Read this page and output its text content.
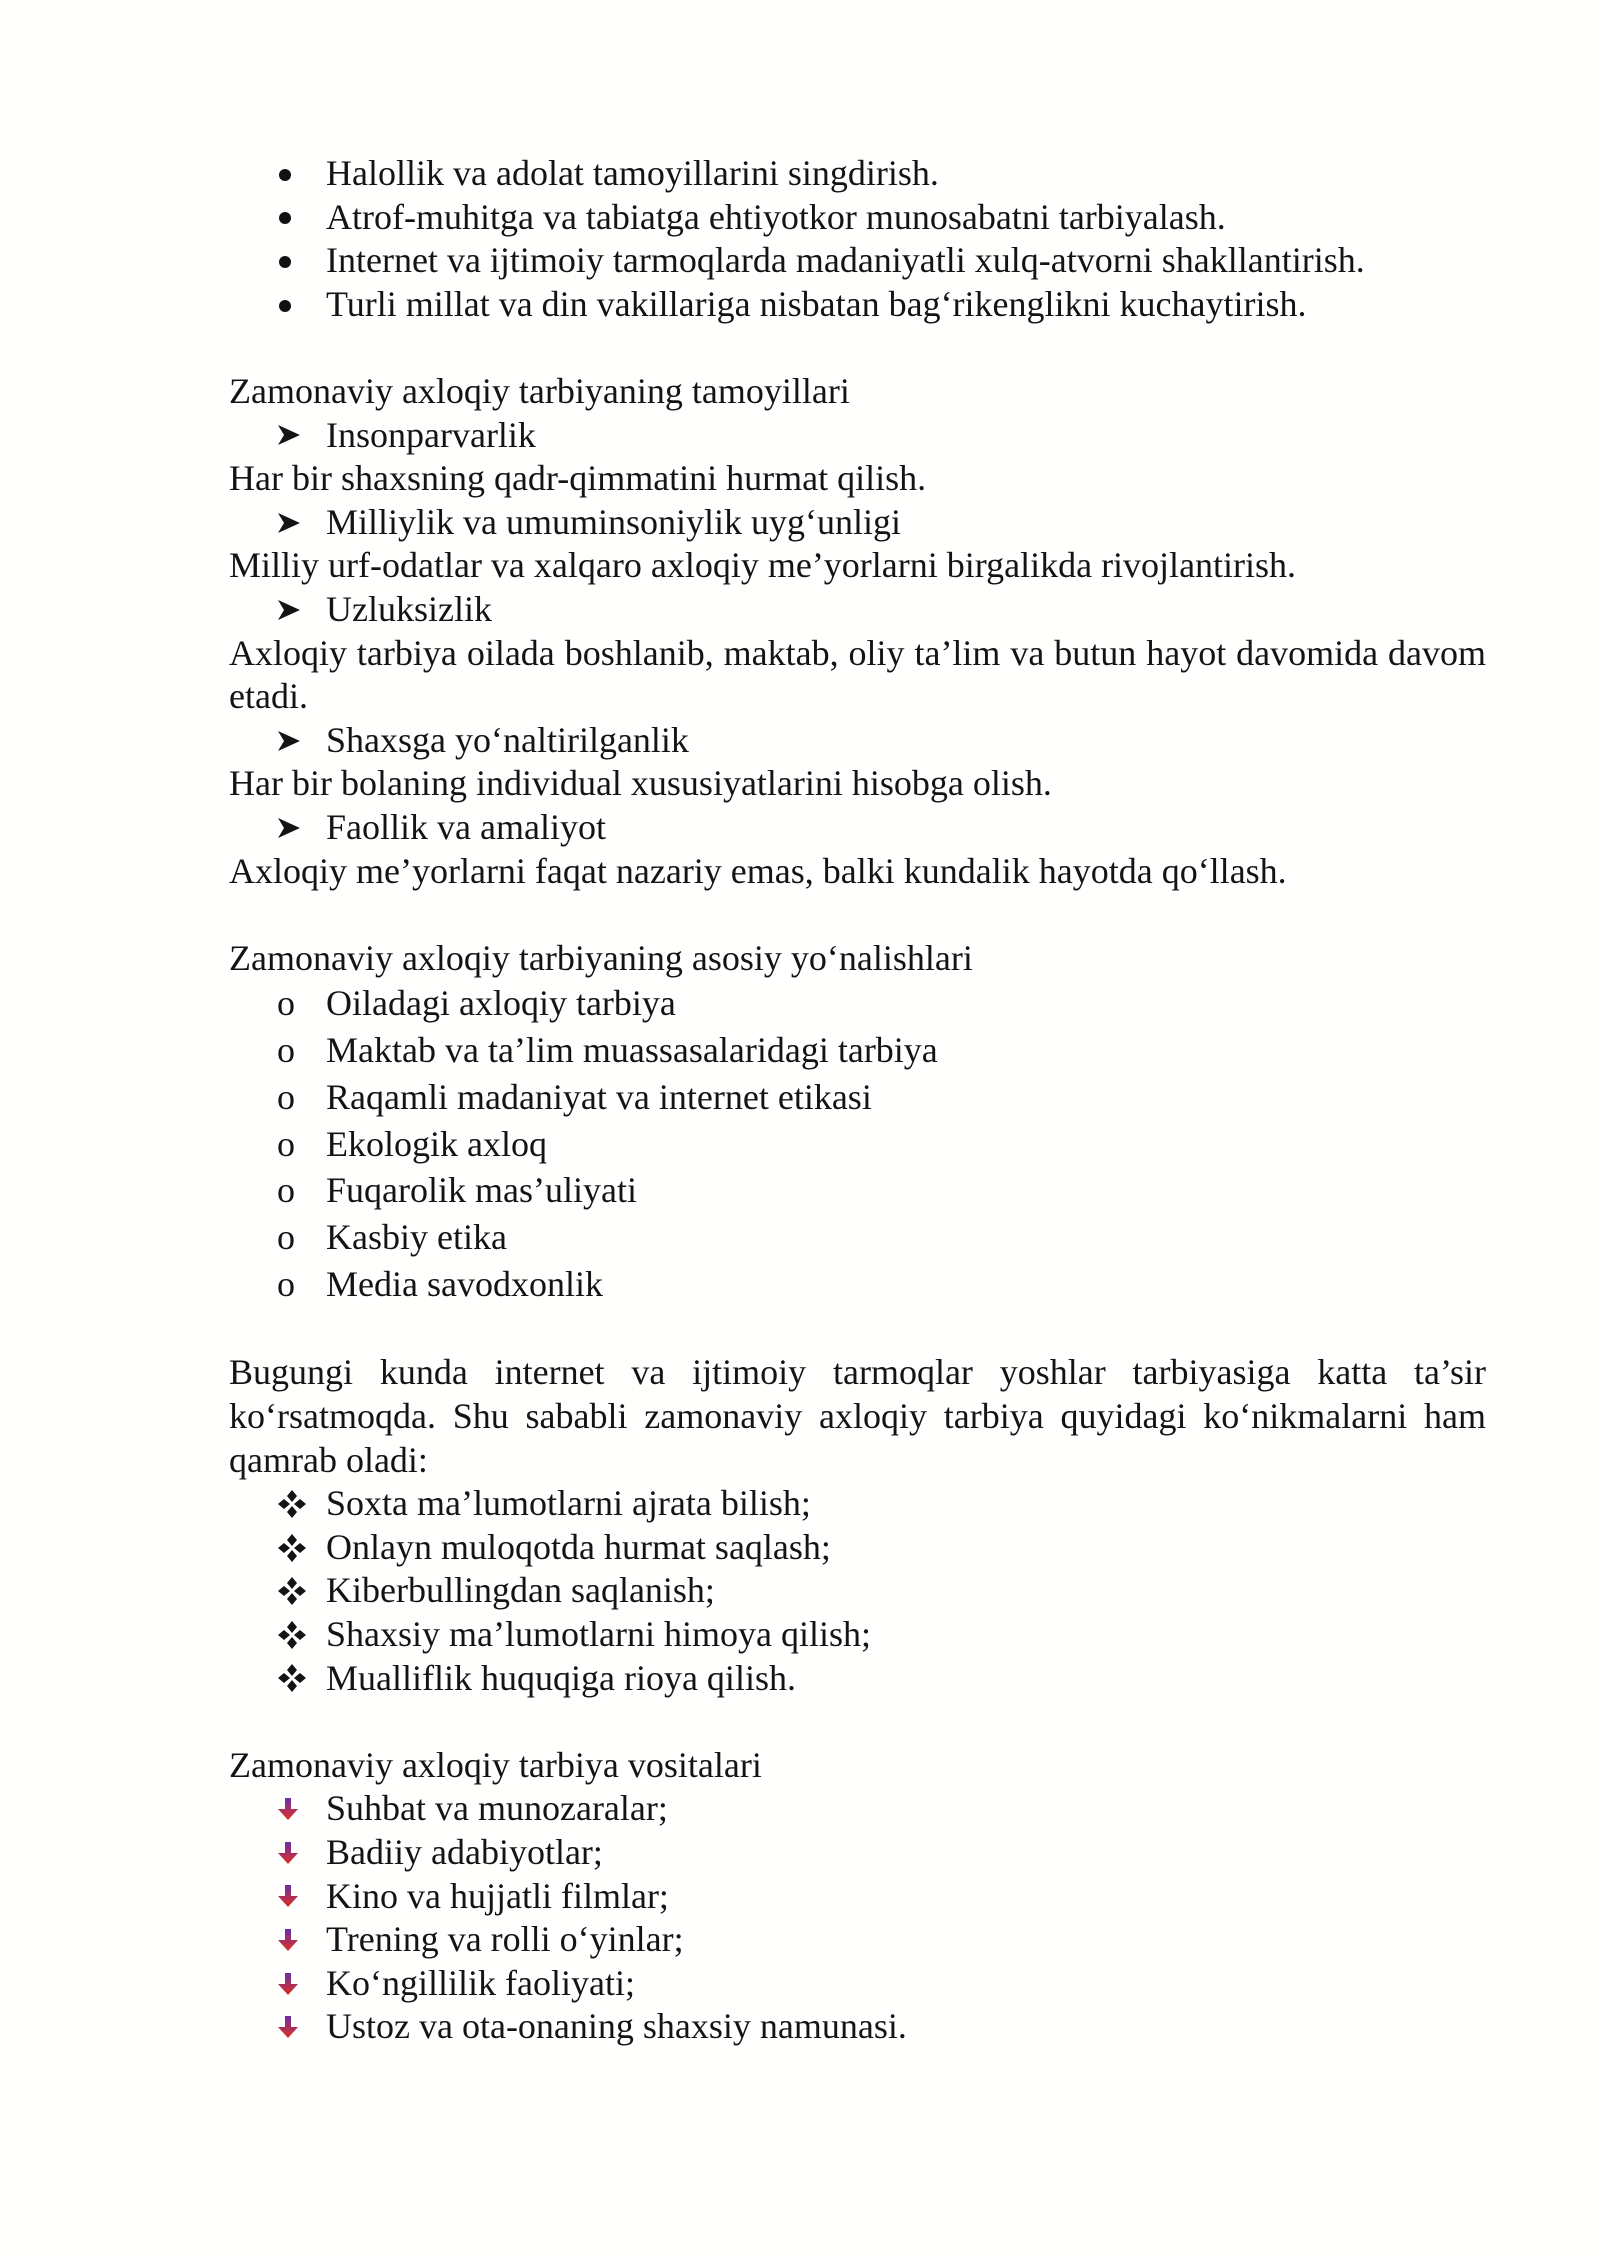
Halollik va adolat tamoyillarini singdirish.
Atrof-muhitga va tabiatga ehtiyotkor munosabatni tarbiyalash.
Internet va ijtimoiy tarmoqlarda madaniyatli xulq-atvorni shakllantirish.
Turli millat va din vakillariga nisbatan bag‘rikenglikni kuchaytirish.

Zamonaviy axloqiy tarbiyaning tamoyillari

Insonparvarlik

Har bir shaxsning qadr-qimmatini hurmat qilish.

Milliylik va umuminsoniylik uyg‘unligi

Milliy urf-odatlar va xalqaro axloqiy me’yorlarni birgalikda rivojlantirish.

Uzluksizlik

Axloqiy tarbiya oilada boshlanib, maktab, oliy ta’lim va butun hayot davomida davom etadi.

Shaxsga yo‘naltirilganlik

Har bir bolaning individual xususiyatlarini hisobga olish.

Faollik va amaliyot

Axloqiy me’yorlarni faqat nazariy emas, balki kundalik hayotda qo‘llash.

Zamonaviy axloqiy tarbiyaning asosiy yo‘nalishlari

o Oiladagi axloqiy tarbiya
o Maktab va ta’lim muassasalaridagi tarbiya
o Raqamli madaniyat va internet etikasi
o Ekologik axloq
o Fuqarolik mas’uliyati
o Kasbiy etika
o Media savodxonlik

Bugungi kunda internet va ijtimoiy tarmoqlar yoshlar tarbiyasiga katta ta’sir ko‘rsatmoqda. Shu sababli zamonaviy axloqiy tarbiya quyidagi ko‘nikmalarni ham qamrab oladi:

Soxta ma’lumotlarni ajrata bilish;
Onlayn muloqotda hurmat saqlash;
Kiberbullingdan saqlanish;
Shaxsiy ma’lumotlarni himoya qilish;
Mualliflik huquqiga rioya qilish.

Zamonaviy axloqiy tarbiya vositalari

Suhbat va munozaralar;
Badiiy adabiyotlar;
Kino va hujjatli filmlar;
Trening va rolli o‘yinlar;
Ko‘ngillilik faoliyati;
Ustoz va ota-onaning shaxsiy namunasi.
